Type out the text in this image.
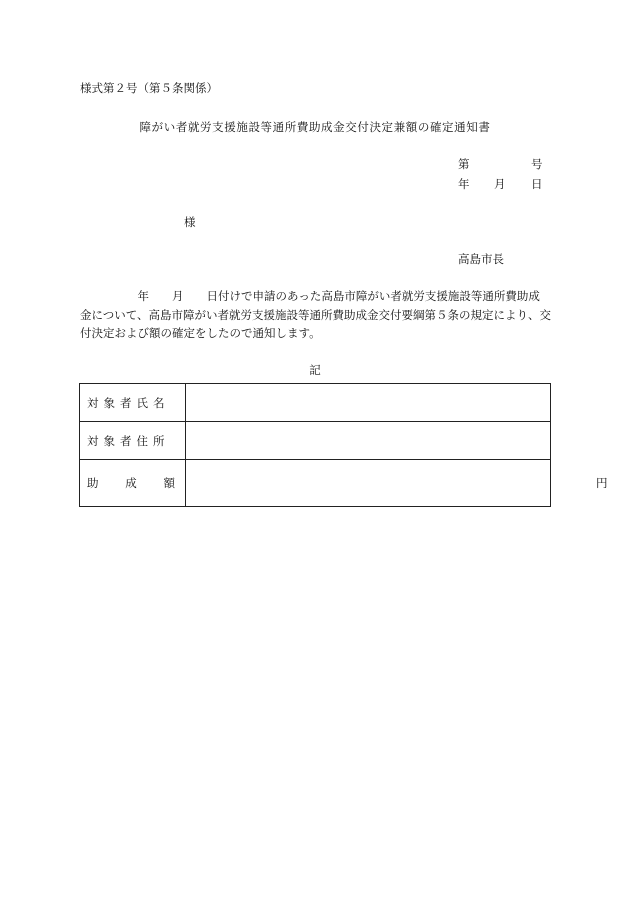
様式第２号（第５条関係）
障がい者就労支援施設等通所費助成金交付決定兼額の確定通知書
第	号
年 月 日
様
高島市長
　　　　　年　　月　　日付けで申請のあった高島市障がい者就労支援施設等通所費助成
金について、高島市障がい者就労支援施設等通所費助成金交付要綱第５条の規定により、交
付決定および額の確定をしたので通知します。
記
対象者氏名	
対象者住所	

助 成 額	円
